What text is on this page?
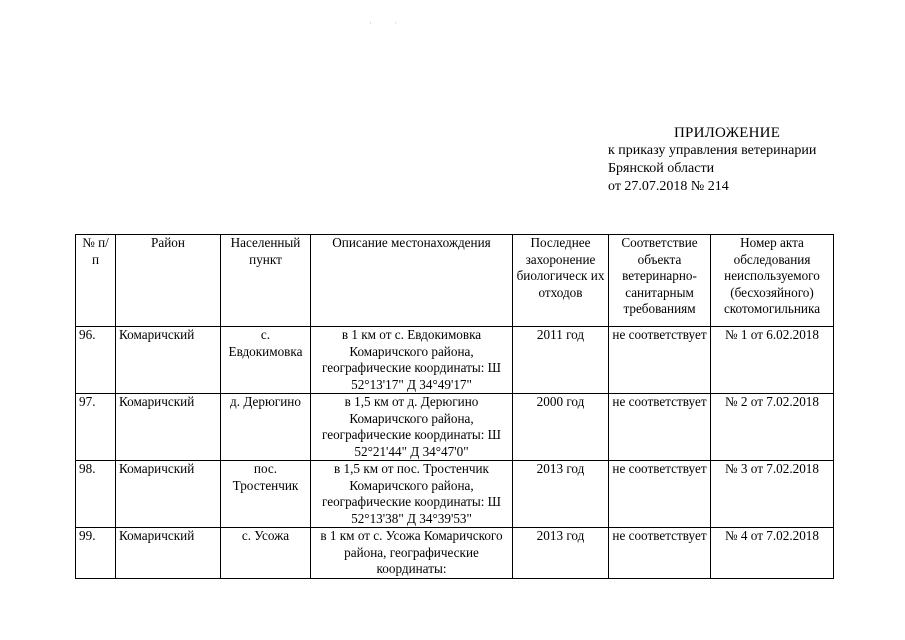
· ·
ПРИЛОЖЕНИЕ
к приказу управления ветеринарии
Брянской области
от 27.07.2018 № 214
№ п/п	Район	Населенный пункт	Описание местонахождения	Последнее захоронение биологическ их отходов	Соответствие объекта ветеринарно-санитарным требованиям	Номер акта обследования неиспользуемого (бесхозяйного) скотомогильника
96.	Комаричский	с. Евдокимовка	в 1 км от с. Евдокимовка Комаричского района, географические координаты: Ш 52°13'17" Д 34°49'17"	2011 год	не соответствует	№ 1 от 6.02.2018
97.	Комаричский	д. Дерюгино	в 1,5 км от д. Дерюгино Комаричского района, географические координаты: Ш 52°21'44" Д 34°47'0"	2000 год	не соответствует	№ 2 от 7.02.2018
98.	Комаричский	пос. Тростенчик	в 1,5 км от пос. Тростенчик Комаричского района, географические координаты: Ш 52°13'38" Д 34°39'53"	2013 год	не соответствует	№ 3 от 7.02.2018
99.	Комаричский	с. Усожа	в 1 км от с. Усожа Комаричского района, географические координаты:	2013 год	не соответствует	№ 4 от 7.02.2018
